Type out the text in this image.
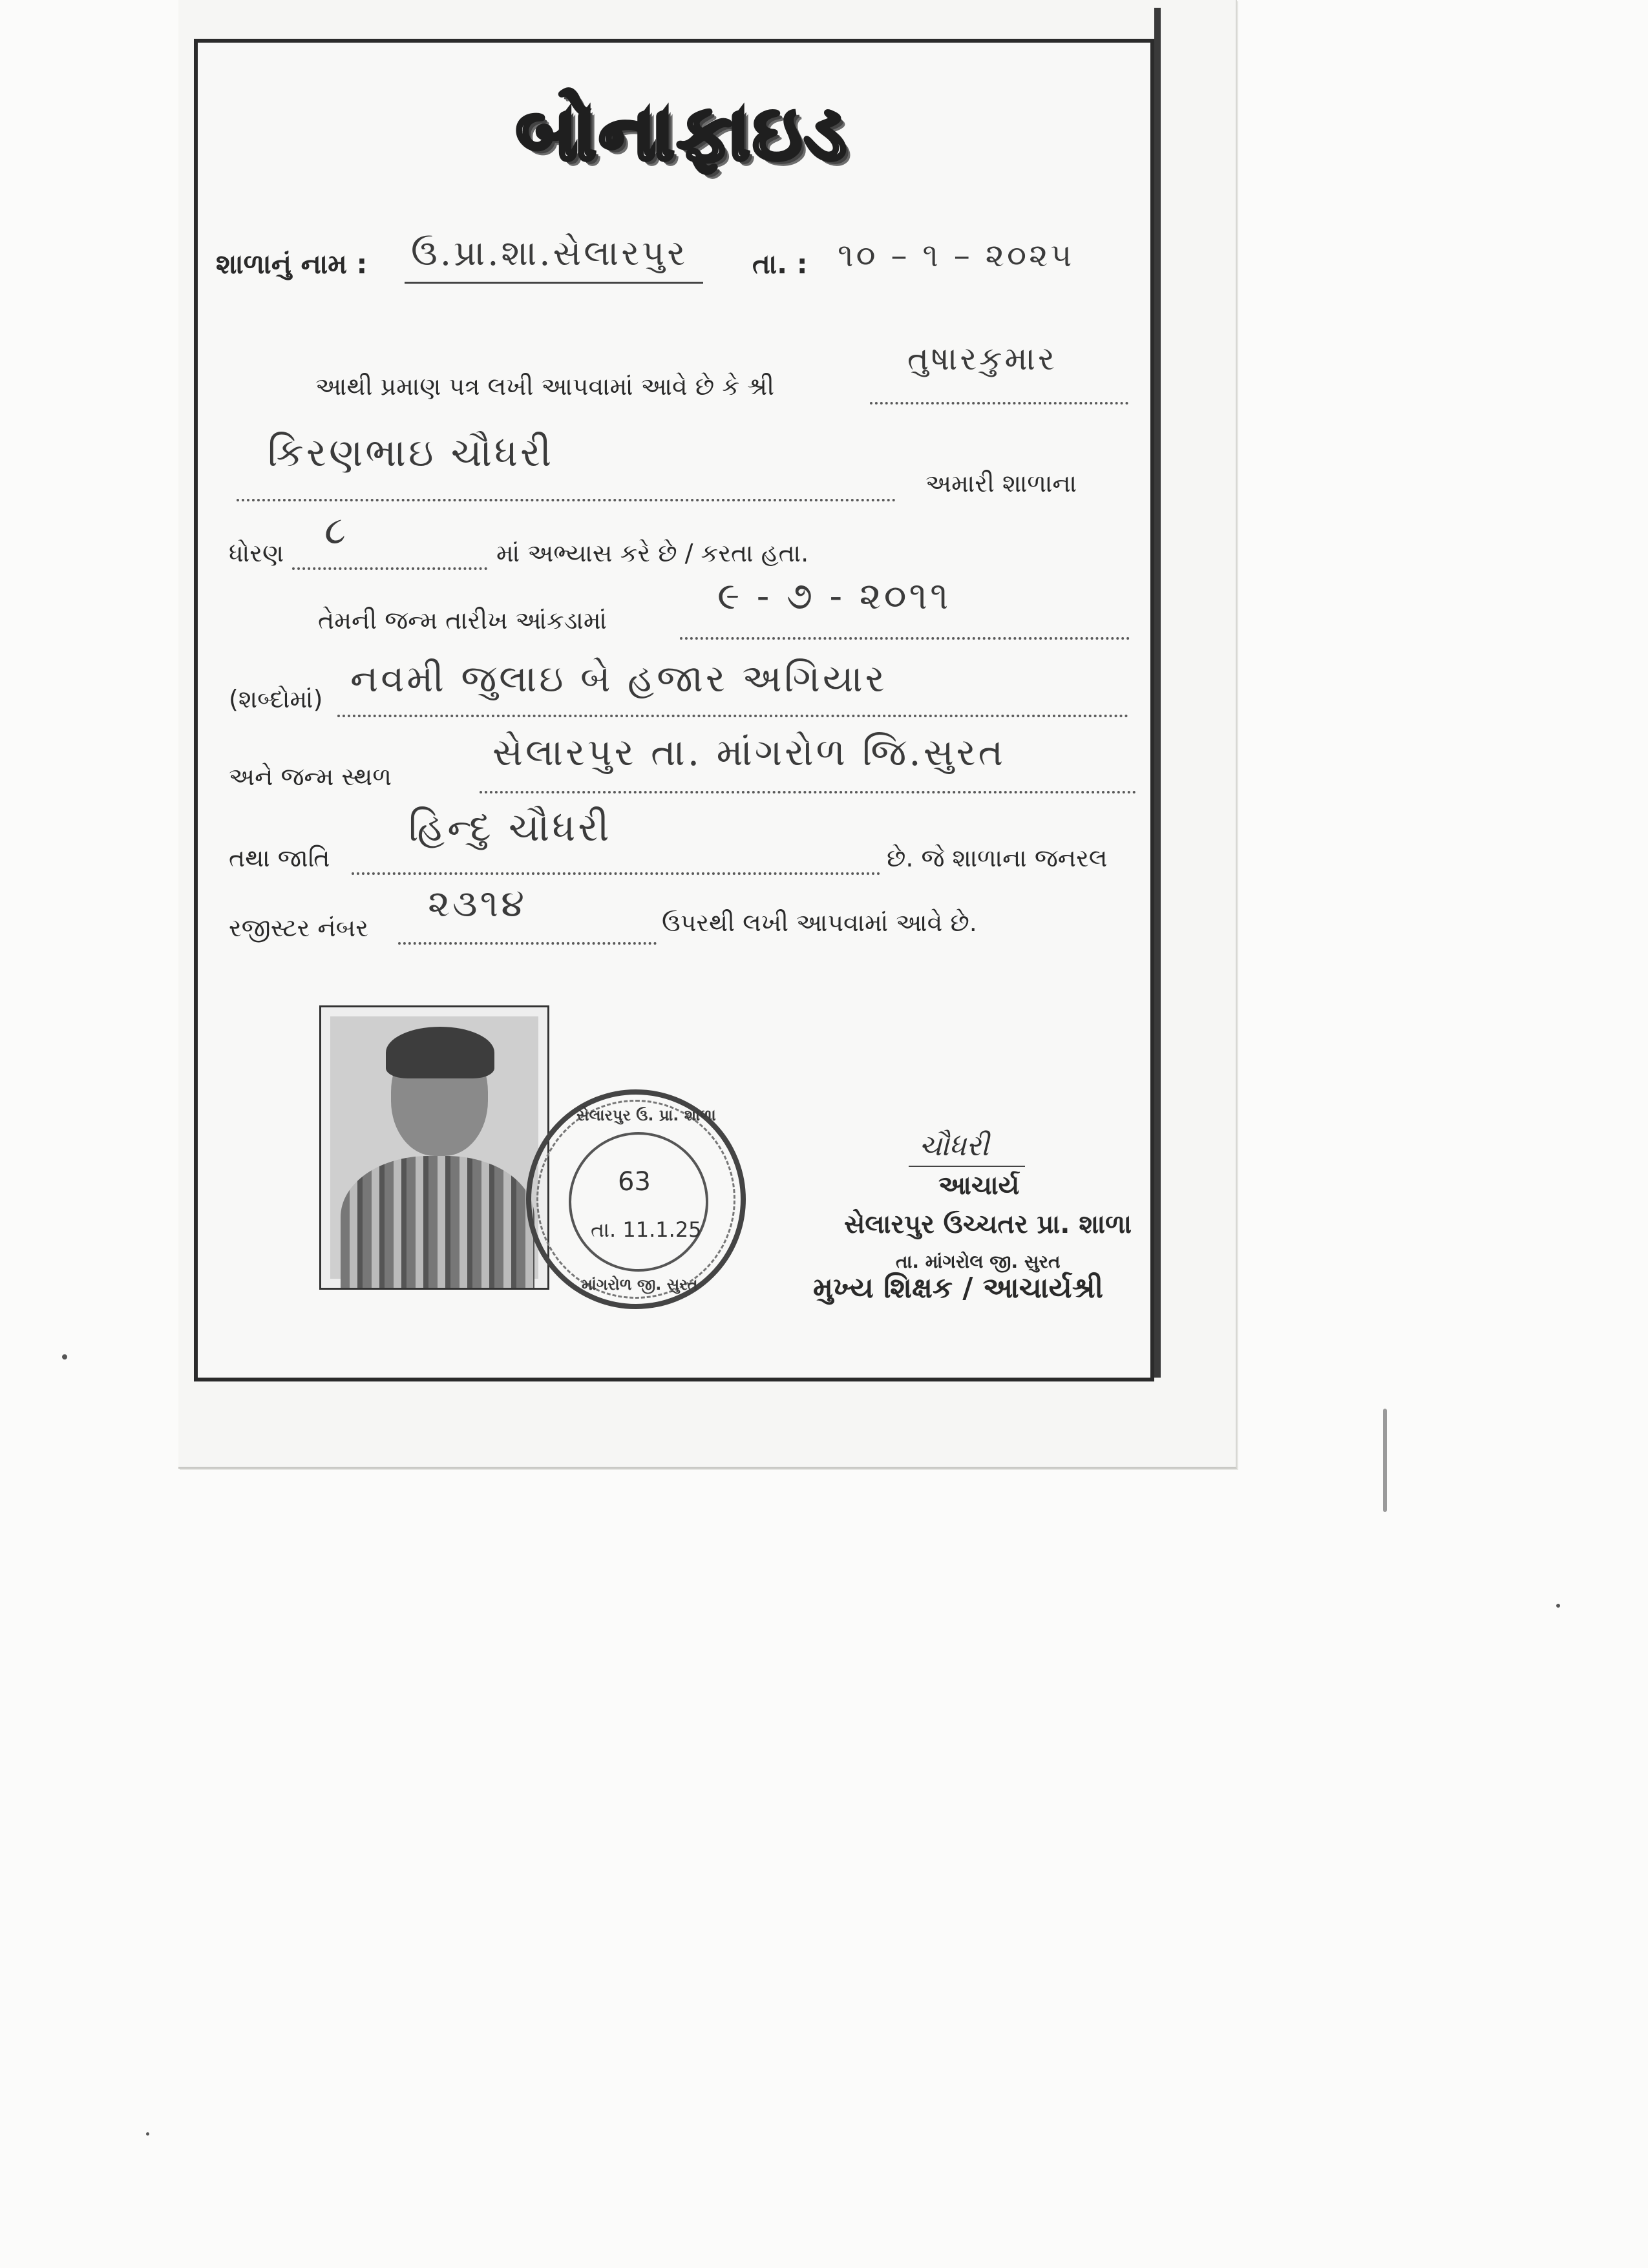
બોનાફાઇડ
શાળાનું નામ : ઉ.પ્રા.શા.સેલારપુર તા. : ૧૦ – ૧ – ૨૦૨૫
આથી પ્રમાણ પત્ર લખી આપવામાં આવે છે કે શ્રી
તુષારકુમાર
કિરણભાઇ ચૌધરી
અમારી શાળાના
ધોરણ ૮	માં અભ્યાસ કરે છે / કરતા હતા.
તેમની જન્મ તારીખ આંકડામાં
૯ - ૭ - ૨૦૧૧
(શબ્દોમાં) નવમી જુલાઇ બે હજાર અગિયાર
અને જન્મ સ્થળ
સેલારપુર તા. માંગરોળ જિ.સુરત
તથા જાતિ
હિન્દુ ચૌધરી
છે. જે શાળાના જનરલ
રજીસ્ટર નંબર
૨૩૧૪	ઉપરથી લખી આપવામાં આવે છે.
સેલારપુર ઉ. પ્રા. શાળા
માંગરોળ જી. સુરત
63
તા. 11.1.25
ચૌધરી
આચાર્ય
સેલારપુર ઉચ્ચતર પ્રા. શાળા
તા. માંગરોલ જી. સુરત
મુખ્ય શિક્ષક / આચાર્યશ્રી
